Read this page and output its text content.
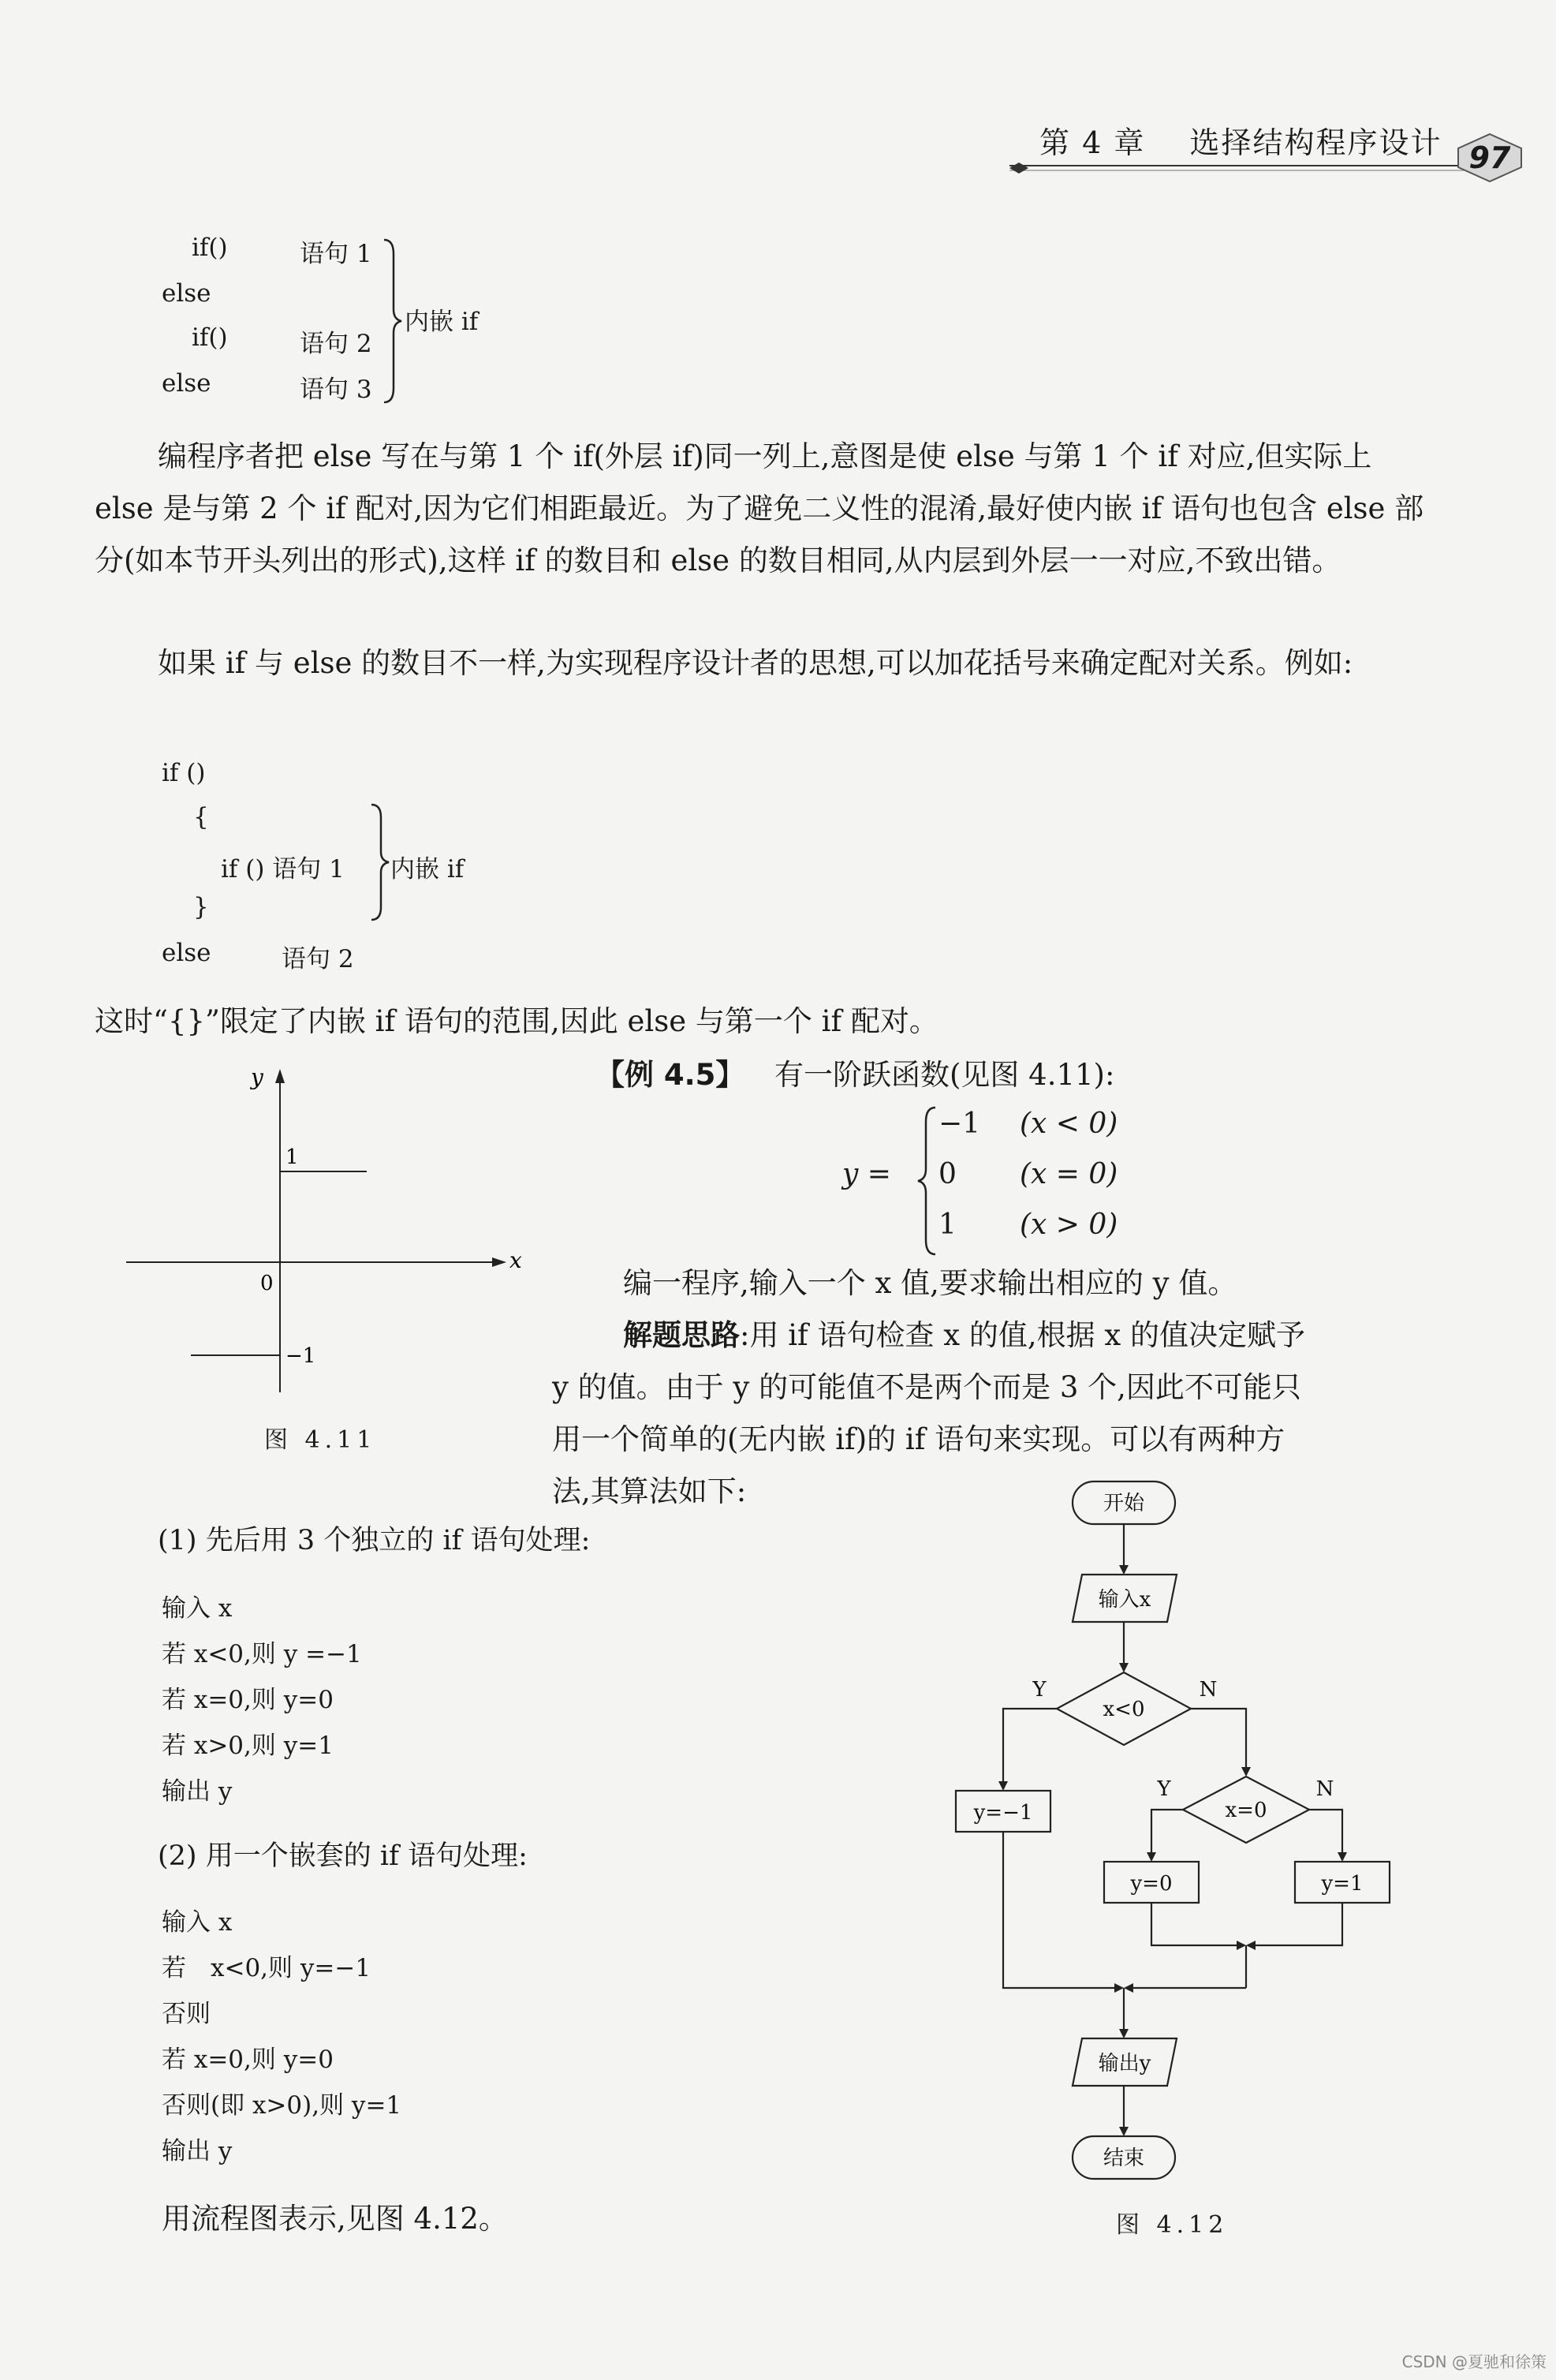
第 4 章 选择结构程序设计 97
if()	语句 1
else
if()	语句 2
else	语句 3
内嵌 if
编程序者把 else 写在与第 1 个 if(外层 if)同一列上,意图是使 else 与第 1 个 if 对应,但实际上 else 是与第 2 个 if 配对,因为它们相距最近。为了避免二义性的混淆,最好使内嵌 if 语句也包含 else 部分(如本节开头列出的形式),这样 if 的数目和 else 的数目相同,从内层到外层一一对应,不致出错。
如果 if 与 else 的数目不一样,为实现程序设计者的思想,可以加花括号来确定配对关系。例如:
if ()
{
if () 语句 1
}
else	语句 2
内嵌 if
这时“{}”限定了内嵌 if 语句的范围,因此 else 与第一个 if 配对。
y
x
0
1
−1
图 4.11
【例 4.5】 有一阶跃函数(见图 4.11):
y =
−1 (x < 0)
0 (x = 0)
1 (x > 0)
编一程序,输入一个 x 值,要求输出相应的 y 值。
解题思路:用 if 语句检查 x 的值,根据 x 的值决定赋予
y 的值。由于 y 的可能值不是两个而是 3 个,因此不可能只
用一个简单的(无内嵌 if)的 if 语句来实现。可以有两种方
法,其算法如下:
(1) 先后用 3 个独立的 if 语句处理:
输入 x
若 x<0,则 y =−1
若 x=0,则 y=0
若 x>0,则 y=1
输出 y
(2) 用一个嵌套的 if 语句处理:
输入 x
若　x<0,则 y=−1
否则
若 x=0,则 y=0
否则(即 x>0),则 y=1
输出 y
用流程图表示,见图 4.12。
开始
输入x
x<0
Y	N
y=−1	x=0
Y	N
y=0	y=1
输出y
结束
图 4.12
CSDN @夏驰和徐策
